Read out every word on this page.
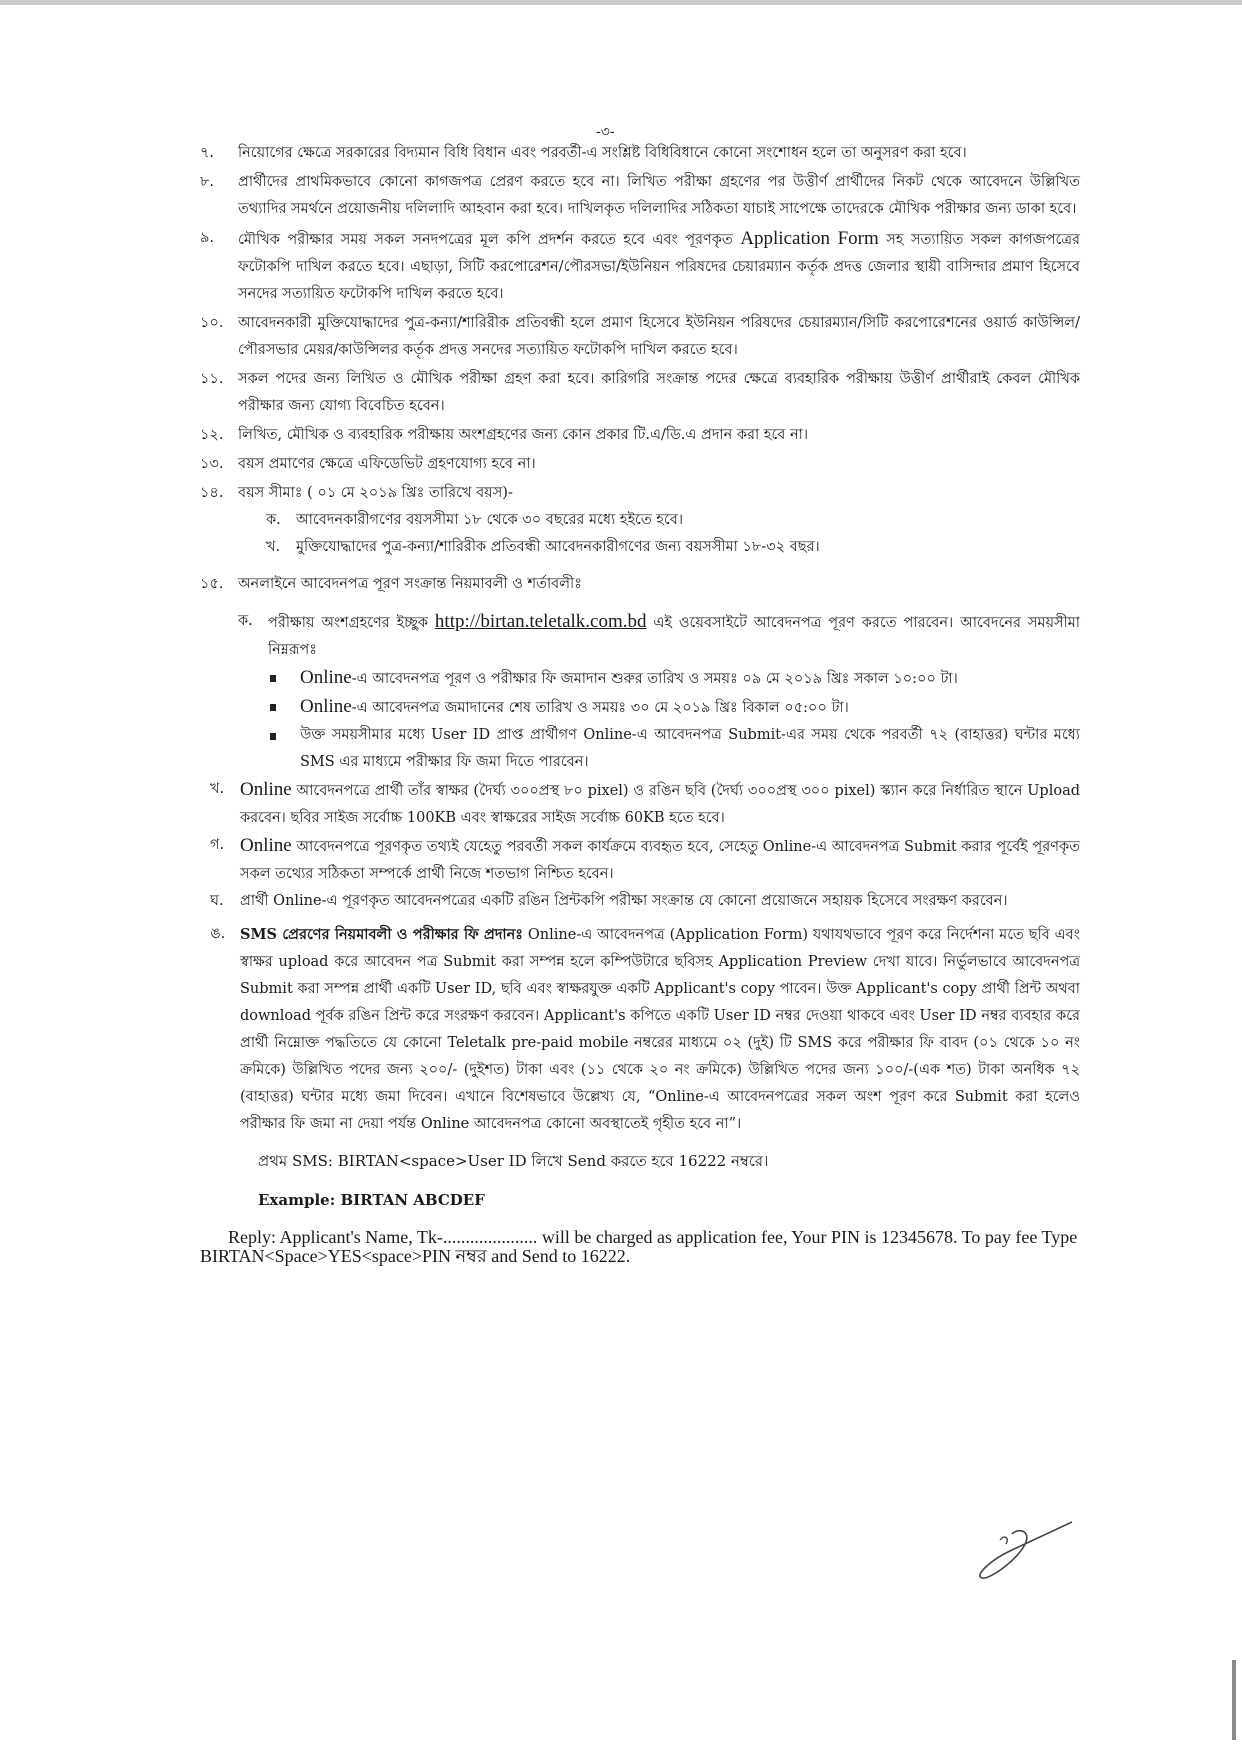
-৩-
৭. নিয়োগের ক্ষেত্রে সরকারের বিদ্যমান বিধি বিধান এবং পরবর্তী-এ সংশ্লিষ্ট বিধিবিধানে কোনো সংশোধন হলে তা অনুসরণ করা হবে।
৮. প্রার্থীদের প্রাথমিকভাবে কোনো কাগজপত্র প্রেরণ করতে হবে না। লিখিত পরীক্ষা গ্রহণের পর উত্তীর্ণ প্রার্থীদের নিকট থেকে আবেদনে উল্লিখিত তথ্যাদির সমর্থনে প্রয়োজনীয় দলিলাদি আহবান করা হবে। দাখিলকৃত দলিলাদির সঠিকতা যাচাই সাপেক্ষে তাদেরকে মৌখিক পরীক্ষার জন্য ডাকা হবে।
৯. মৌখিক পরীক্ষার সময় সকল সনদপত্রের মূল কপি প্রদর্শন করতে হবে এবং পূরণকৃত Application Form সহ সত্যায়িত সকল কাগজপত্রের ফটোকপি দাখিল করতে হবে। এছাড়া, সিটি করপোরেশন/পৌরসভা/ইউনিয়ন পরিষদের চেয়ারম্যান কর্তৃক প্রদত্ত জেলার স্থায়ী বাসিন্দার প্রমাণ হিসেবে সনদের সত্যায়িত ফটোকপি দাখিল করতে হবে।
১০. আবেদনকারী মুক্তিযোদ্ধাদের পুত্র-কন্যা/শারিরীক প্রতিবন্ধী হলে প্রমাণ হিসেবে ইউনিয়ন পরিষদের চেয়ারম্যান/সিটি করপোরেশনের ওয়ার্ড কাউন্সিল/পৌরসভার মেয়র/কাউন্সিলর কর্তৃক প্রদত্ত সনদের সত্যায়িত ফটোকপি দাখিল করতে হবে।
১১. সকল পদের জন্য লিখিত ও মৌখিক পরীক্ষা গ্রহণ করা হবে। কারিগরি সংক্রান্ত পদের ক্ষেত্রে ব্যবহারিক পরীক্ষায় উত্তীর্ণ প্রার্থীরাই কেবল মৌখিক পরীক্ষার জন্য যোগ্য বিবেচিত হবেন।
১২. লিখিত, মৌখিক ও ব্যবহারিক পরীক্ষায় অংশগ্রহণের জন্য কোন প্রকার টি.এ/ডি.এ প্রদান করা হবে না।
১৩. বয়স প্রমাণের ক্ষেত্রে এফিডেভিট গ্রহণযোগ্য হবে না।
১৪. বয়স সীমাঃ ( ০১ মে ২০১৯ খ্রিঃ তারিখে বয়স)-
ক. আবেদনকারীগণের বয়সসীমা ১৮ থেকে ৩০ বছরের মধ্যে হইতে হবে।
খ. মুক্তিযোদ্ধাদের পুত্র-কন্যা/শারিরীক প্রতিবন্ধী আবেদনকারীগণের জন্য বয়সসীমা ১৮-৩২ বছর।
১৫. অনলাইনে আবেদনপত্র পূরণ সংক্রান্ত নিয়মাবলী ও শর্তাবলীঃ
ক. পরীক্ষায় অংশগ্রহণের ইচ্ছুক http://birtan.teletalk.com.bd এই ওয়েবসাইটে আবেদনপত্র পূরণ করতে পারবেন। আবেদনের সময়সীমা নিম্নরূপঃ
Online-এ আবেদনপত্র পূরণ ও পরীক্ষার ফি জমাদান শুরুর তারিখ ও সময়ঃ ০৯ মে ২০১৯ খ্রিঃ সকাল ১০:০০ টা।
Online-এ আবেদনপত্র জমাদানের শেষ তারিখ ও সময়ঃ ৩০ মে ২০১৯ খ্রিঃ বিকাল ০৫:০০ টা।
উক্ত সময়সীমার মধ্যে User ID প্রাপ্ত প্রার্থীগণ Online-এ আবেদনপত্র Submit-এর সময় থেকে পরবর্তী ৭২ (বাহাত্তর) ঘন্টার মধ্যে SMS এর মাধ্যমে পরীক্ষার ফি জমা দিতে পারবেন।
খ. Online আবেদনপত্রে প্রার্থী তাঁর স্বাক্ষর (দৈর্ঘ্য ৩০০প্রস্থ ৮০ pixel) ও রঙিন ছবি (দৈর্ঘ্য ৩০০প্রস্থ ৩০০ pixel) স্ক্যান করে নির্ধারিত স্থানে Upload করবেন। ছবির সাইজ সর্বোচ্চ 100KB এবং স্বাক্ষরের সাইজ সর্বোচ্চ 60KB হতে হবে।
গ. Online আবেদনপত্রে পূরণকৃত তথ্যই যেহেতু পরবর্তী সকল কার্যক্রমে ব্যবহৃত হবে, সেহেতু Online-এ আবেদনপত্র Submit করার পূর্বেই পূরণকৃত সকল তথ্যের সঠিকতা সম্পর্কে প্রার্থী নিজে শতভাগ নিশ্চিত হবেন।
ঘ. প্রার্থী Online-এ পূরণকৃত আবেদনপত্রের একটি রঙিন প্রিন্টকপি পরীক্ষা সংক্রান্ত যে কোনো প্রয়োজনে সহায়ক হিসেবে সংরক্ষণ করবেন।
ঙ. SMS প্রেরণের নিয়মাবলী ও পরীক্ষার ফি প্রদানঃ Online-এ আবেদনপত্র (Application Form) যথাযথভাবে পূরণ করে নির্দেশনা মতে ছবি এবং স্বাক্ষর upload করে আবেদন পত্র Submit করা সম্পন্ন হলে কম্পিউটারে ছবিসহ Application Preview দেখা যাবে। নির্ভুলভাবে আবেদনপত্র Submit করা সম্পন্ন প্রার্থী একটি User ID, ছবি এবং স্বাক্ষরযুক্ত একটি Applicant's copy পাবেন। উক্ত Applicant's copy প্রার্থী প্রিন্ট অথবা download পূর্বক রঙিন প্রিন্ট করে সংরক্ষণ করবেন। Applicant's কপিতে একটি User ID নম্বর দেওয়া থাকবে এবং User ID নম্বর ব্যবহার করে প্রার্থী নিম্নোক্ত পদ্ধতিতে যে কোনো Teletalk pre-paid mobile নম্বরের মাধ্যমে ০২ (দুই) টি SMS করে পরীক্ষার ফি বাবদ (০১ থেকে ১০ নং ক্রমিকে) উল্লিখিত পদের জন্য ২০০/- (দুইশত) টাকা এবং (১১ থেকে ২০ নং ক্রমিকে) উল্লিখিত পদের জন্য ১০০/-(এক শত) টাকা অনধিক ৭২ (বাহাত্তর) ঘন্টার মধ্যে জমা দিবেন। এখানে বিশেষভাবে উল্লেখ্য যে, “Online-এ আবেদনপত্রের সকল অংশ পূরণ করে Submit করা হলেও পরীক্ষার ফি জমা না দেয়া পর্যন্ত Online আবেদনপত্র কোনো অবস্থাতেই গৃহীত হবে না”।
প্রথম SMS: BIRTAN<space>User ID লিখে Send করতে হবে 16222 নম্বরে।
Example: BIRTAN ABCDEF
Reply: Applicant's Name, Tk-..................... will be charged as application fee, Your PIN is 12345678. To pay fee Type BIRTAN<Space>YES<space>PIN নম্বর and Send to 16222.
